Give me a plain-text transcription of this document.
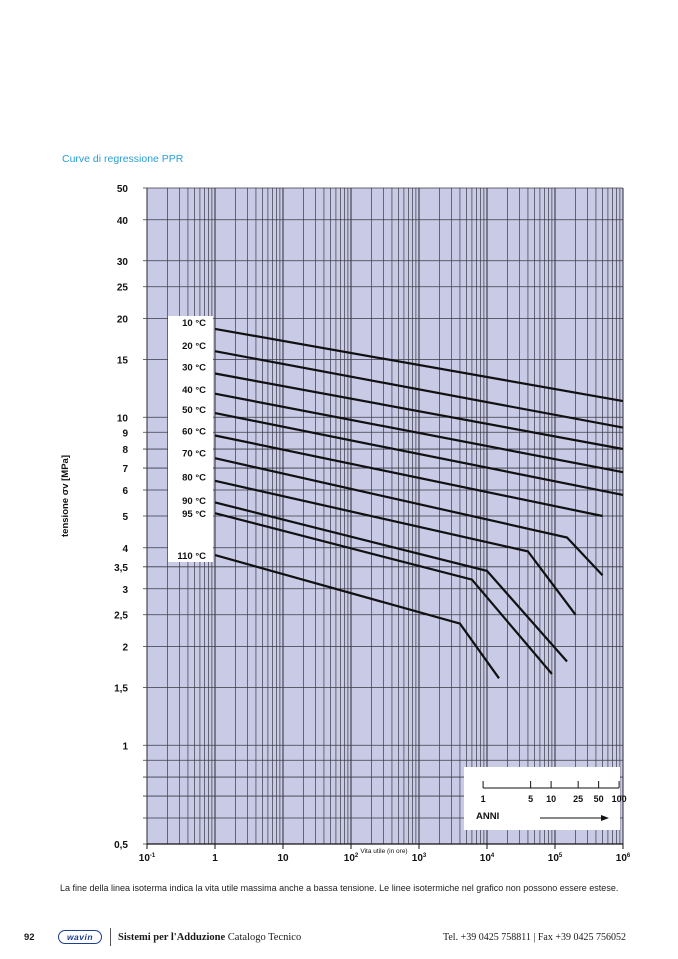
Curve di regressione PPR
50
40
30
25
20
15
10
9
8
7
6
5
4
3,5
3
2,5
2
1,5
1
0,5
$10^{-1}$	1	10	$10^2$	$10^3$	$10^4$	$10^5$	$10^6$
Vita utile (in ore)
tensione σv [MPa]
10 °C
20 °C
30 °C
40 °C
50 °C
60 °C
70 °C
80 °C
90 °C
95 °C
110 °C
1	5 10 25 50 100
ANNI
La fine della linea isoterma indica la vita utile massima anche a bassa tensione. Le linee isotermiche nel grafico non possono essere estese.
92	wavin	Sistemi per l'Adduzione Catalogo Tecnico	Tel. +39 0425 758811 | Fax +39 0425 756052
